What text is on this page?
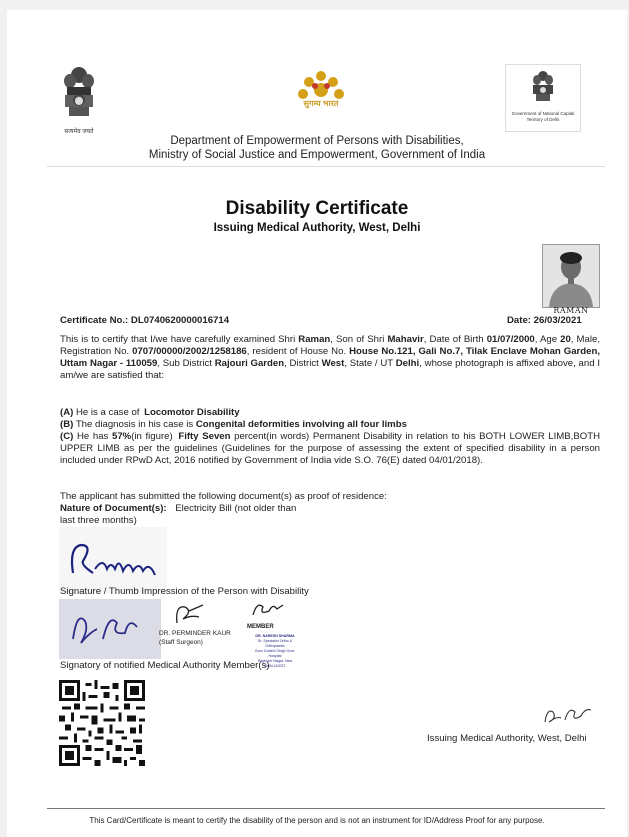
सत्यमेव जयते
सुगम्य भारत
Government of National Capital Territory of Delhi
Department of Empowerment of Persons with Disabilities,
Ministry of Social Justice and Empowerment, Government of India
Disability Certificate
Issuing Medical Authority, West, Delhi
RAMAN
Certificate No.: DL0740620000016714	Date: 26/03/2021
This is to certify that I/we have carefully examined Shri Raman, Son of Shri Mahavir, Date of Birth 01/07/2000, Age 20, Male, Registration No. 0707/00000/2002/1258186, resident of House No. House No.121, Gali No.7, Tilak Enclave Mohan Garden, Uttam Nagar - 110059, Sub District Rajouri Garden, District West, State / UT Delhi, whose photograph is affixed above, and I am/we are satisfied that:
(A) He is a case of Locomotor Disability
(B) The diagnosis in his case is Congenital deformities involving all four limbs
(C) He has 57%(in figure) Fifty Seven percent(in words) Permanent Disability in relation to his BOTH LOWER LIMB,BOTH UPPER LIMB as per the guidelines (Guidelines for the purpose of assessing the extent of specified disability in a person included under RPwD Act, 2016 notified by Government of India vide S.O. 76(E) dated 04/01/2018).
The applicant has submitted the following document(s) as proof of residence:
Nature of Document(s): Electricity Bill (not older than
last three months)
Signature / Thumb Impression of the Person with Disability
DR. PERMINDER KAUR
(Staff Surgeon)
MEMBER
DR. NARESH SHARMA
Sr. Specialist Ortho & Orthopaedic
Guru Gobind Singh Govt. Hospital
Raghubir Nagar, New Delhi-110027
Signatory of notified Medical Authority Member(s)
Issuing Medical Authority, West, Delhi
This Card/Certificate is meant to certify the disability of the person and is not an instrument for ID/Address Proof for any purpose.
